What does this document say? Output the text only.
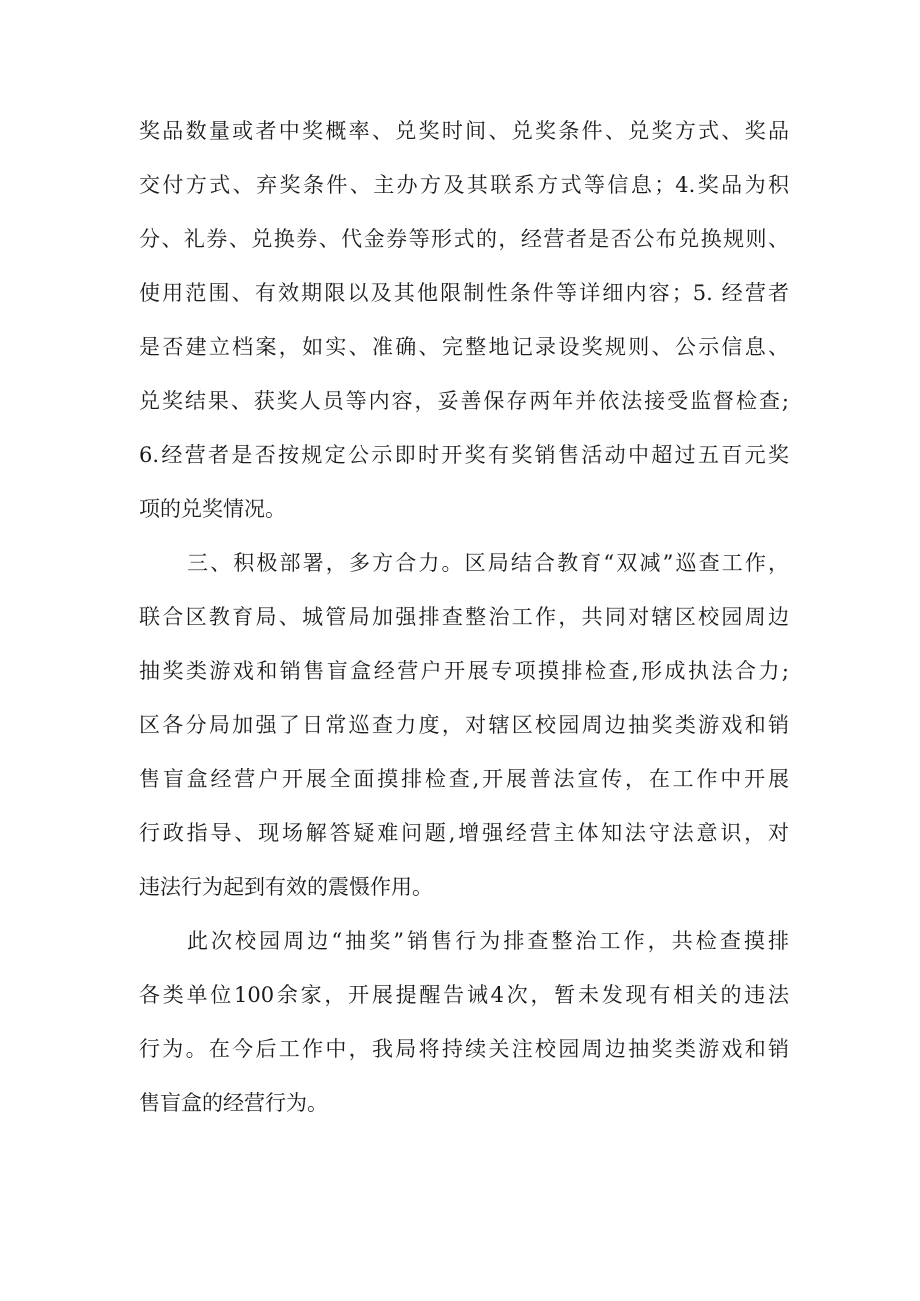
奖品数量或者中奖概率、兑奖时间、兑奖条件、兑奖方式、奖品
交付方式、弃奖条件、主办方及其联系方式等信息；4.奖品为积
分、礼券、兑换券、代金券等形式的，经营者是否公布兑换规则、
使用范围、有效期限以及其他限制性条件等详细内容；5. 经营者
是否建立档案，如实、准确、完整地记录设奖规则、公示信息、
兑奖结果、获奖人员等内容，妥善保存两年并依法接受监督检查;
6.经营者是否按规定公示即时开奖有奖销售活动中超过五百元奖
项的兑奖情况。
三、积极部署，多方合力。区局结合教育“双减”巡查工作，
联合区教育局、城管局加强排查整治工作，共同对辖区校园周边
抽奖类游戏和销售盲盒经营户开展专项摸排检查,形成执法合力;
区各分局加强了日常巡查力度，对辖区校园周边抽奖类游戏和销
售盲盒经营户开展全面摸排检查,开展普法宣传，在工作中开展
行政指导、现场解答疑难问题,增强经营主体知法守法意识，对
违法行为起到有效的震慑作用。
此次校园周边“抽奖”销售行为排查整治工作，共检查摸排
各类单位100余家，开展提醒告诫4次，暂未发现有相关的违法
行为。在今后工作中，我局将持续关注校园周边抽奖类游戏和销
售盲盒的经营行为。
